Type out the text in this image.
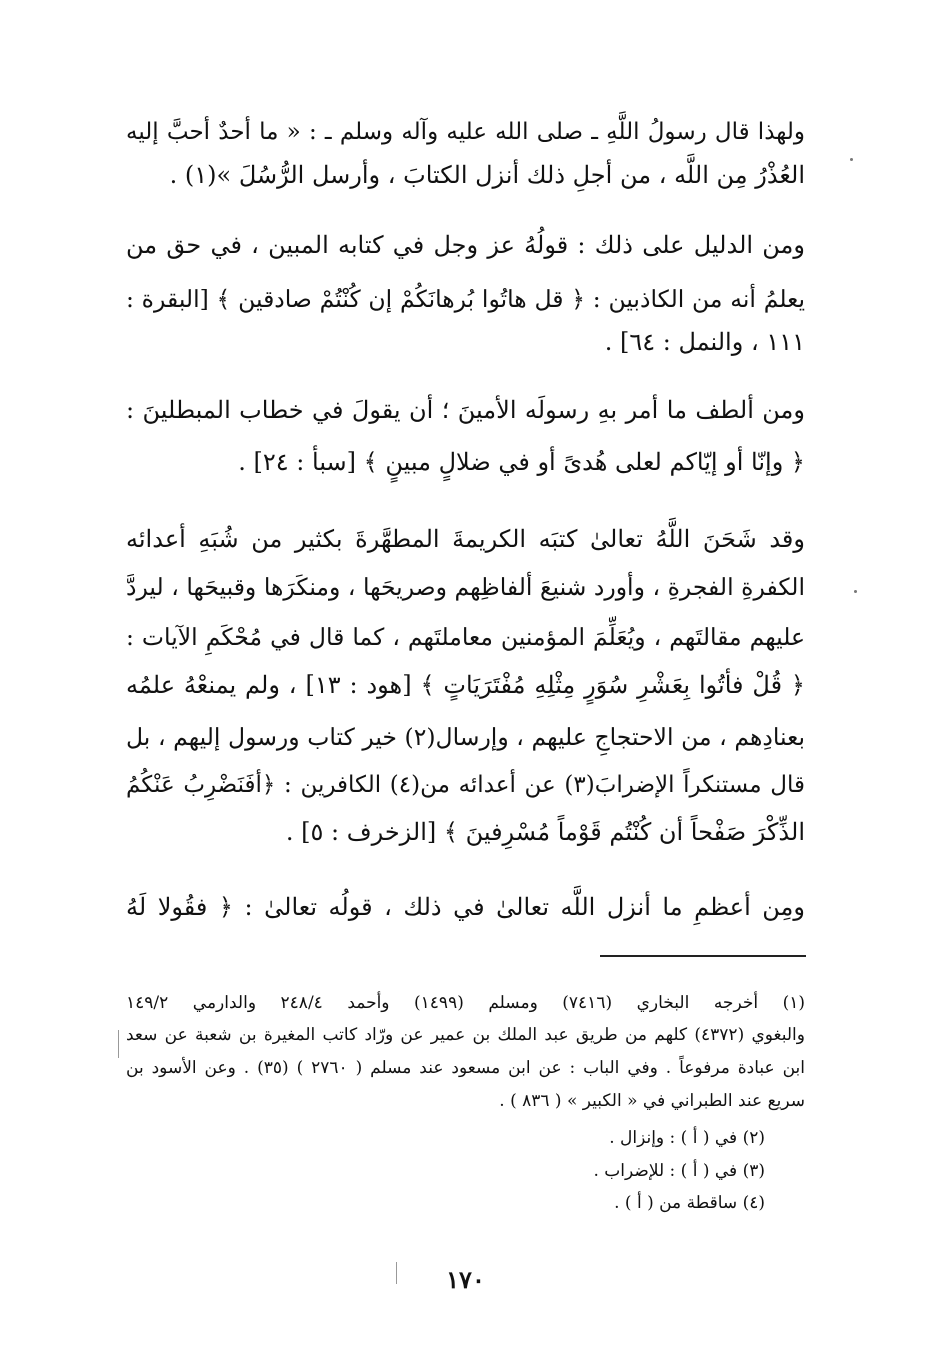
ولهذا قال رسولُ اللَّهِ ـ صلى الله عليه وآله وسلم ـ : « ما أحدٌ أحبَّ إليه
العُذْرُ مِن اللَّه ، من أجلِ ذلك أنزل الكتابَ ، وأرسل الرُّسُلَ »(١) .
ومن الدليل على ذلك : قولُهُ عز وجل في كتابه المبين ، في حق من
يعلمُ أنه من الكاذبين : ﴿ قل هاتُوا بُرهانَكُمْ إن كُنْتُمْ صادقين ﴾ [البقرة :
١١١ ، والنمل : ٦٤] .
ومن ألطف ما أمر بهِ رسولَه الأمينَ ؛ أن يقولَ في خطاب المبطلينَ :
﴿ وإنّا أو إيّاكم لعلى هُدىً أو في ضلالٍ مبينٍ ﴾ [سبأ : ٢٤] .
وقد شَحَنَ اللَّهُ تعالىٰ كتبَه الكريمةَ المطهَّرةَ بكثير من شُبَهِ أعدائه
الكفرةِ الفجرةِ ، وأورد شنيعَ ألفاظِهم وصريحَها ، ومنكَرَها وقبيحَها ، ليردَّ
عليهم مقالتَهم ، ويُعَلِّمَ المؤمنين معاملتَهم ، كما قال في مُحْكَمِ الآيات :
﴿ قُلْ فأتُوا بِعَشْرِ سُوَرٍ مِثْلِهِ مُفْتَرَيَاتٍ ﴾ [هود : ١٣] ، ولم يمنعْهُ علمُه
بعنادِهم ، من الاحتجاجِ عليهم ، وإرسال(٢) خير كتاب ورسول إليهم ، بل
قال مستنكراً الإضرابَ(٣) عن أعدائه من(٤) الكافرين : ﴿أفَنَضْرِبُ عَنْكُمُ
الذِّكْرَ صَفْحاً أن كُنْتُم قَوْماً مُسْرِفينَ ﴾ [الزخرف : ٥] .
ومِن أعظمِ ما أنزل اللَّه تعالىٰ في ذلك ، قولُه تعالىٰ : ﴿ فقُولا لَهُ
(١) أخرجه البخاري (٧٤١٦) ومسلم (١٤٩٩) وأحمد ٢٤٨/٤ والدارمي ١٤٩/٢
والبغوي (٤٣٧٢) كلهم من طريق عبد الملك بن عمير عن ورّاد كاتب المغيرة بن شعبة عن سعد
ابن عبادة مرفوعاً . وفي الباب : عن ابن مسعود عند مسلم ( ٢٧٦٠ ) (٣٥) . وعن الأسود بن
سريع عند الطبراني في « الكبير » ( ٨٣٦ ) .
(٢) في ( أ ) : وإنزال .
(٣) في ( أ ) : للإضراب .
(٤) ساقطة من ( أ ) .
١٧٠
